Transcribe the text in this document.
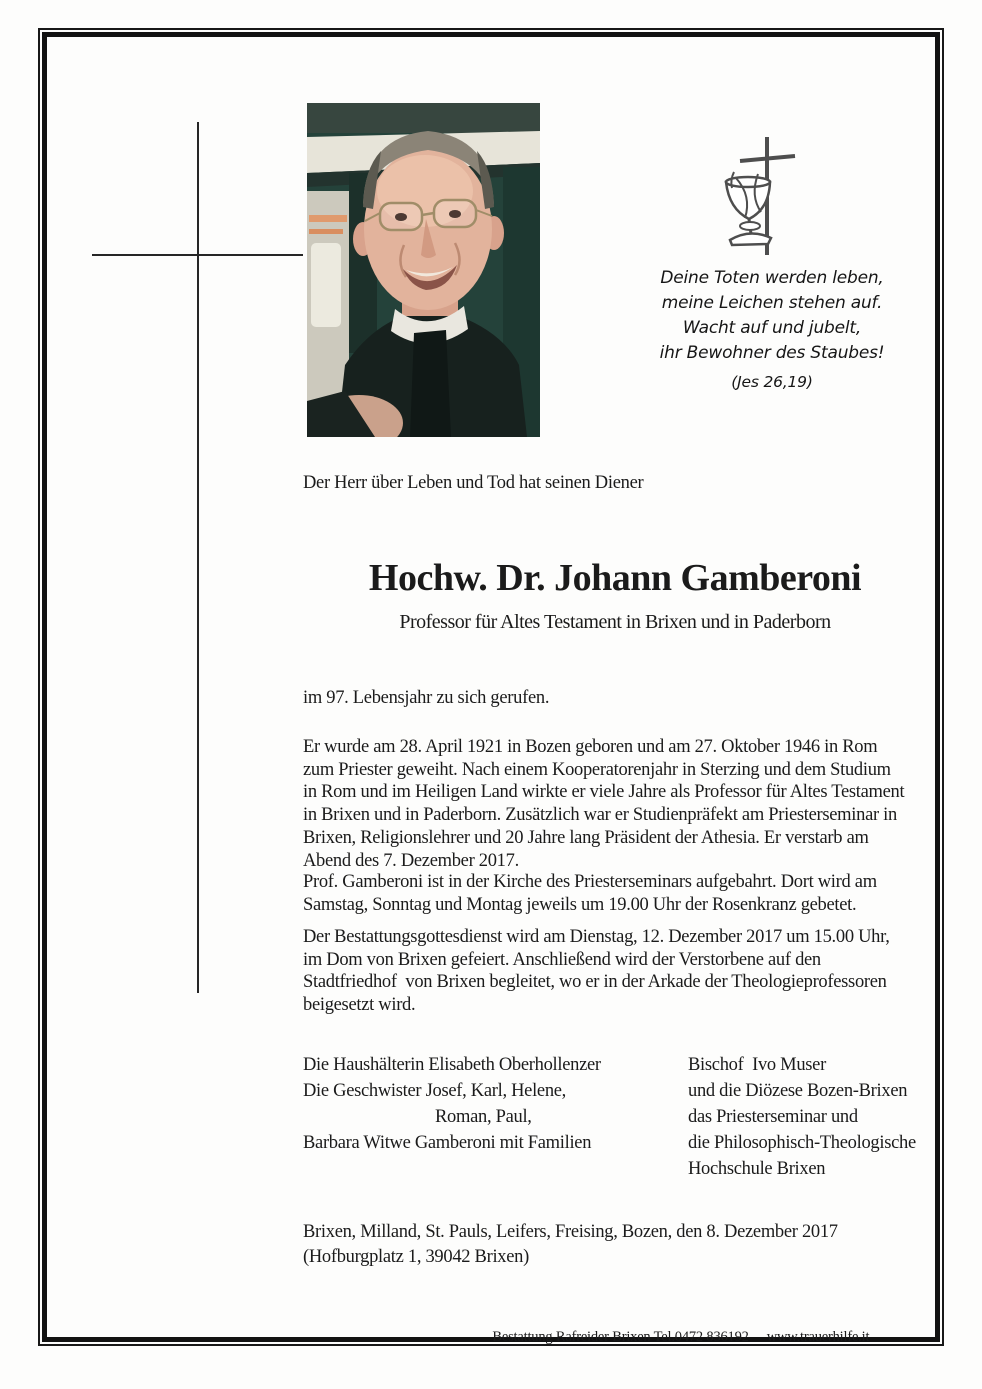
Deine Toten werden leben,
meine Leichen stehen auf.
Wacht auf und jubelt,
ihr Bewohner des Staubes!
(Jes 26,19)
Der Herr über Leben und Tod hat seinen Diener
Hochw. Dr. Johann Gamberoni
Professor für Altes Testament in Brixen und in Paderborn
im 97. Lebensjahr zu sich gerufen.
Er wurde am 28. April 1921 in Bozen geboren und am 27. Oktober 1946 in Rom
zum Priester geweiht. Nach einem Kooperatorenjahr in Sterzing und dem Studium
in Rom und im Heiligen Land wirkte er viele Jahre als Professor für Altes Testament
in Brixen und in Paderborn. Zusätzlich war er Studienpräfekt am Priesterseminar in
Brixen, Religionslehrer und 20 Jahre lang Präsident der Athesia. Er verstarb am
Abend des 7. Dezember 2017.
Prof. Gamberoni ist in der Kirche des Priesterseminars aufgebahrt. Dort wird am
Samstag, Sonntag und Montag jeweils um 19.00 Uhr der Rosenkranz gebetet.
Der Bestattungsgottesdienst wird am Dienstag, 12. Dezember 2017 um 15.00 Uhr,
im Dom von Brixen gefeiert. Anschließend wird der Verstorbene auf den
Stadtfriedhof  von Brixen begleitet, wo er in der Arkade der Theologieprofessoren
beigesetzt wird.
Die Haushälterin Elisabeth Oberhollenzer
Die Geschwister Josef, Karl, Helene,
Roman, Paul,
Barbara Witwe Gamberoni mit Familien
Bischof  Ivo Muser
und die Diözese Bozen-Brixen
das Priesterseminar und
die Philosophisch-Theologische
Hochschule Brixen
Brixen, Milland, St. Pauls, Leifers, Freising, Bozen, den 8. Dezember 2017
(Hofburgplatz 1, 39042 Brixen)

Bestattung Rafreider Brixen Tel.0472 836192 www.trauerhilfe.it
